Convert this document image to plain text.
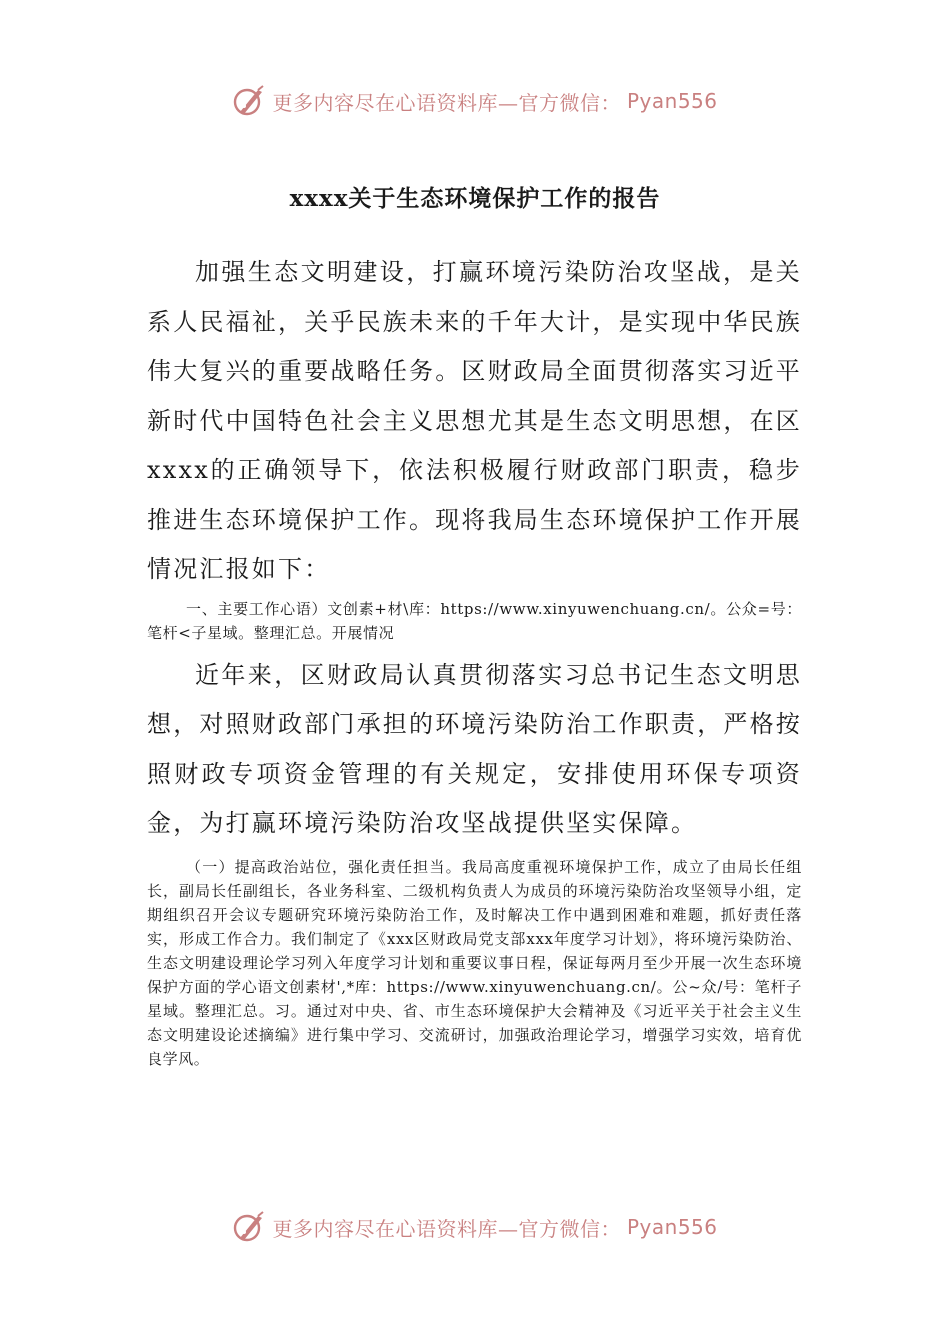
更多内容尽在心语资料库—官方微信： Pyan556
xxxx关于生态环境保护工作的报告

加强生态文明建设，打赢环境污染防治攻坚战，是关系人民福祉，关乎民族未来的千年大计，是实现中华民族伟大复兴的重要战略任务。区财政局全面贯彻落实习近平新时代中国特色社会主义思想尤其是生态文明思想，在区xxxx的正确领导下，依法积极履行财政部门职责，稳步推进生态环境保护工作。现将我局生态环境保护工作开展情况汇报如下：

一、主要工作心语）文创素+材\库：https://www.xinyuwenchuang.cn/。公众=号：笔杆<子星域。整理汇总。开展情况

近年来，区财政局认真贯彻落实习总书记生态文明思想，对照财政部门承担的环境污染防治工作职责，严格按照财政专项资金管理的有关规定，安排使用环保专项资金，为打赢环境污染防治攻坚战提供坚实保障。

（一）提高政治站位，强化责任担当。我局高度重视环境保护工作，成立了由局长任组长，副局长任副组长，各业务科室、二级机构负责人为成员的环境污染防治攻坚领导小组，定期组织召开会议专题研究环境污染防治工作，及时解决工作中遇到困难和难题，抓好责任落实，形成工作合力。我们制定了《xxx区财政局党支部xxx年度学习计划》，将环境污染防治、生态文明建设理论学习列入年度学习计划和重要议事日程，保证每两月至少开展一次生态环境保护方面的学心语文创素材',*库：https://www.xinyuwenchuang.cn/。公~众/号：笔杆子星域。整理汇总。习。通过对中央、省、市生态环境保护大会精神及《习近平关于社会主义生态文明建设论述摘编》进行集中学习、交流研讨，加强政治理论学习，增强学习实效，培育优良学风。

更多内容尽在心语资料库—官方微信： Pyan556
